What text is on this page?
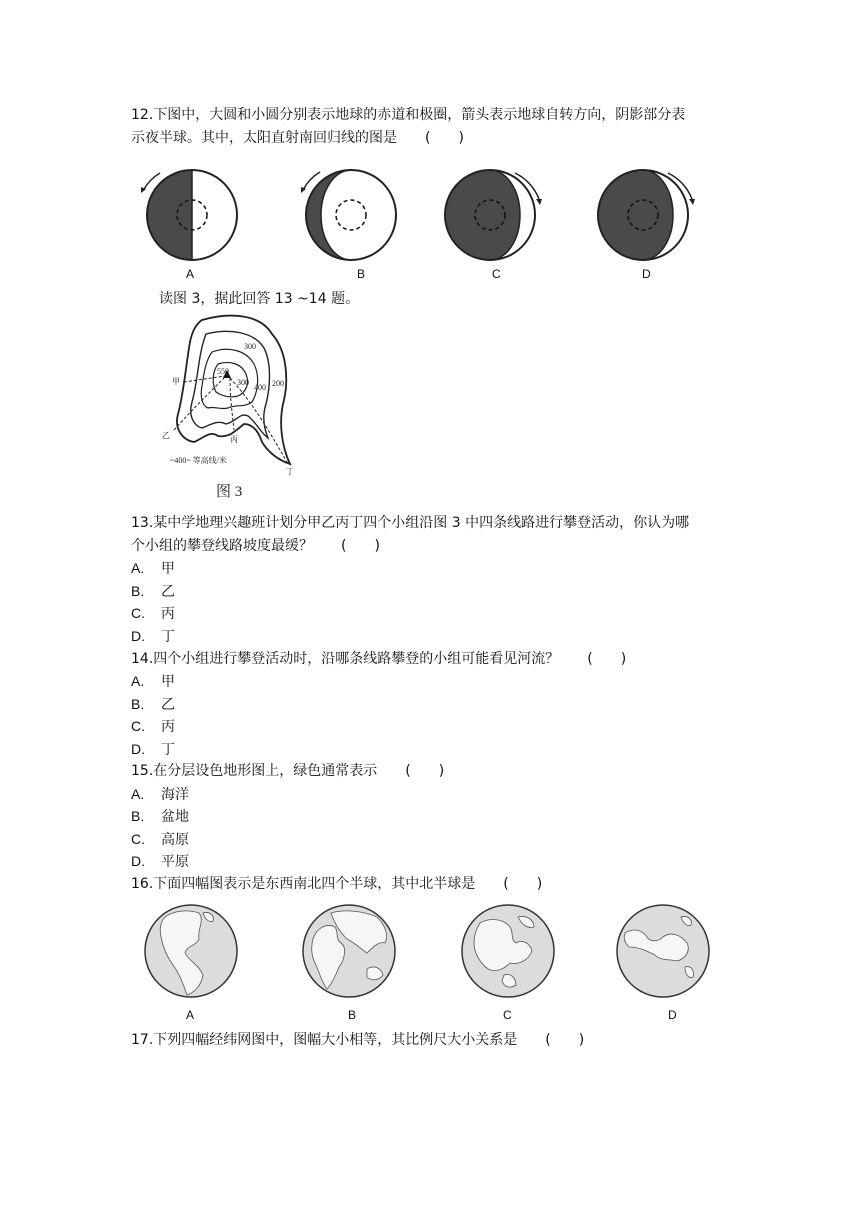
12.下图中，大圆和小圆分别表示地球的赤道和极圈，箭头表示地球自转方向，阴影部分表
示夜半球。其中，太阳直射南回归线的图是　　(　　)
A	B	C	D
读图 3，据此回答 13 ~14 题。
550
300
300
400 200
甲
乙	丙
丁
~400~ 等高线/米
图 3
13.某中学地理兴趣班计划分甲乙丙丁四个小组沿图 3 中四条线路进行攀登活动，你认为哪
个小组的攀登线路坡度最缓？　　(　　)
A. 甲
B. 乙
C. 丙
D. 丁
14.四个小组进行攀登活动时，沿哪条线路攀登的小组可能看见河流？　　(　　)
A. 甲
B. 乙
C. 丙
D. 丁
15.在分层设色地形图上，绿色通常表示　　(　　)
A. 海洋
B. 盆地
C. 高原
D. 平原
16.下面四幅图表示是东西南北四个半球，其中北半球是　　(　　)
A	B	C	D
17.下列四幅经纬网图中，图幅大小相等，其比例尺大小关系是　　(　　)
